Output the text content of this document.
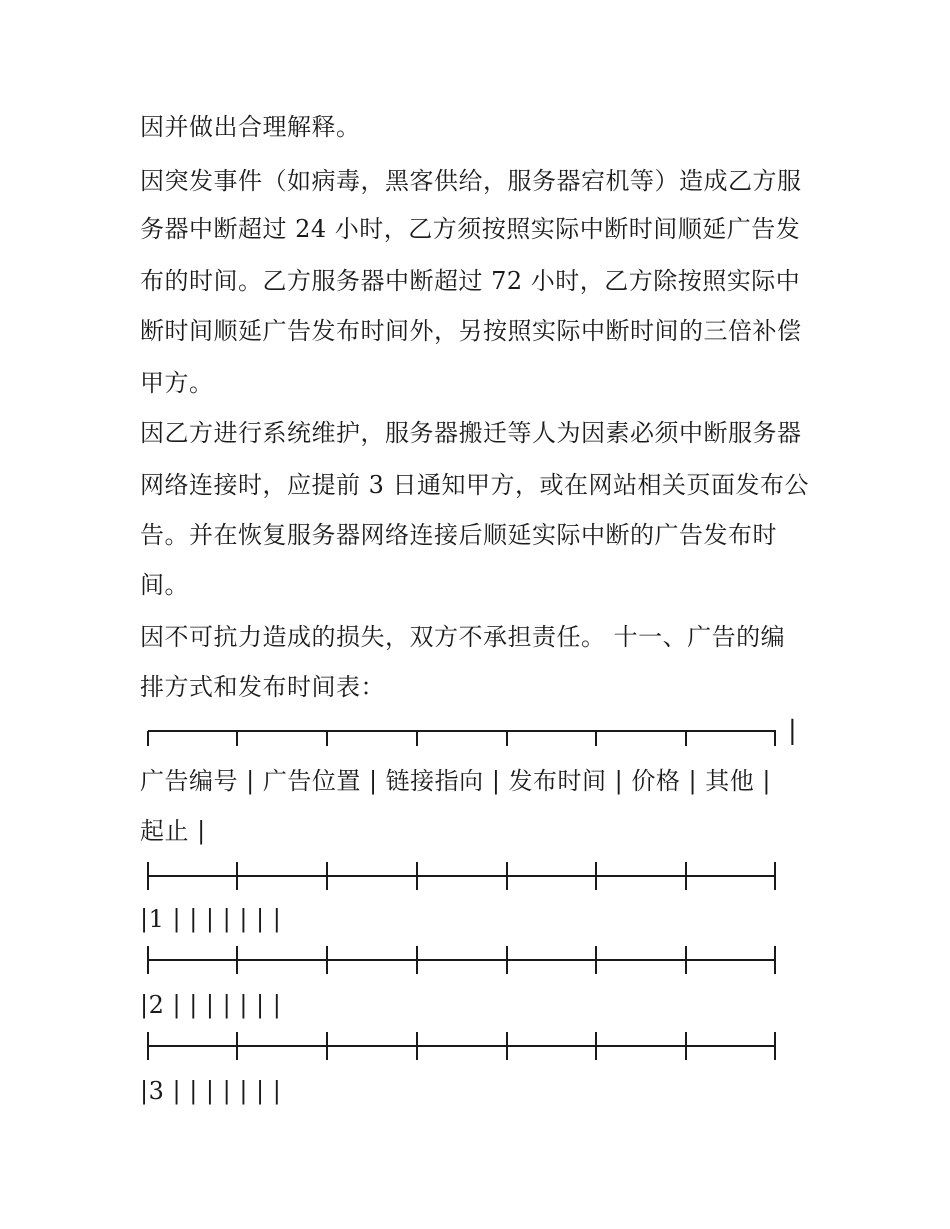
因并做出合理解释。
因突发事件（如病毒，黑客供给，服务器宕机等）造成乙方服
务器中断超过 24 小时，乙方须按照实际中断时间顺延广告发
布的时间。乙方服务器中断超过 72 小时，乙方除按照实际中
断时间顺延广告发布时间外，另按照实际中断时间的三倍补偿
甲方。
因乙方进行系统维护，服务器搬迁等人为因素必须中断服务器
网络连接时，应提前 3 日通知甲方，或在网站相关页面发布公
告。并在恢复服务器网络连接后顺延实际中断的广告发布时
间。
因不可抗力造成的损失，双方不承担责任。 十一、广告的编
排方式和发布时间表：
|
广告编号 | 广告位置 | 链接指向 | 发布时间 | 价格 | 其他 |
起止 |
|1 | | | | | | |
|2 | | | | | | |
|3 | | | | | | |
